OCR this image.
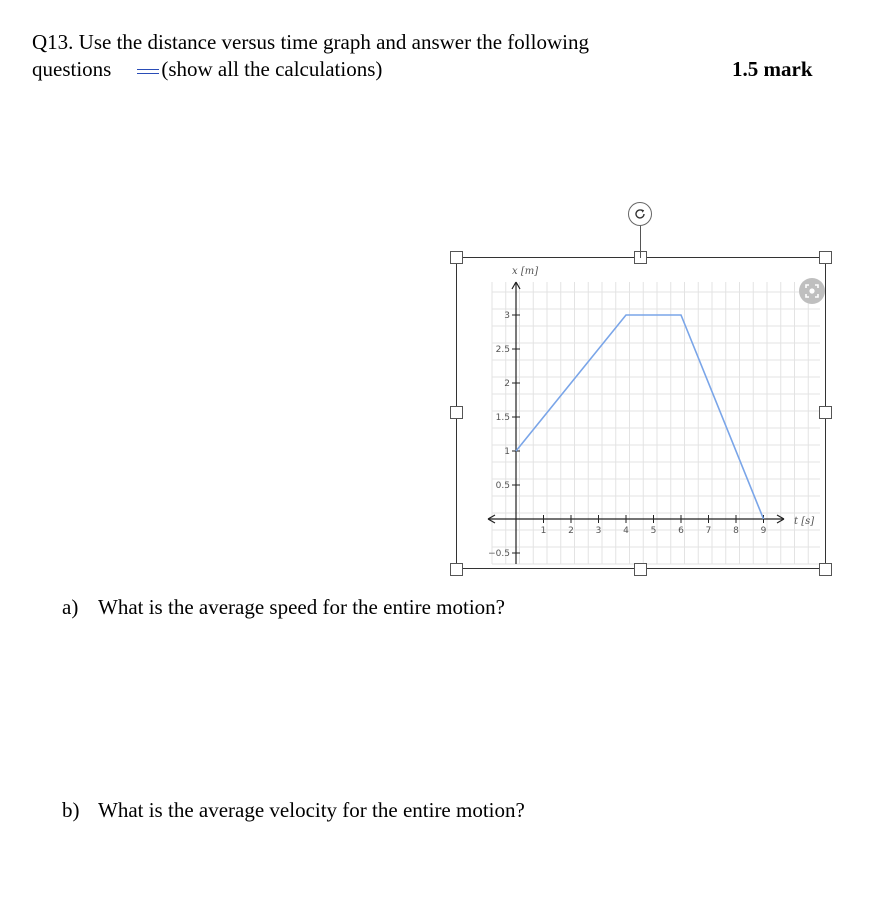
Q13. Use the distance versus time graph and answer the following
questions (show all the calculations)	1.5 mark
1 2 3 4 5 6 7 8 9
−0.5
0.5
1
1.5
2
2.5
3
x [m]
t [s]
a) What is the average speed for the entire motion?
b) What is the average velocity for the entire motion?
